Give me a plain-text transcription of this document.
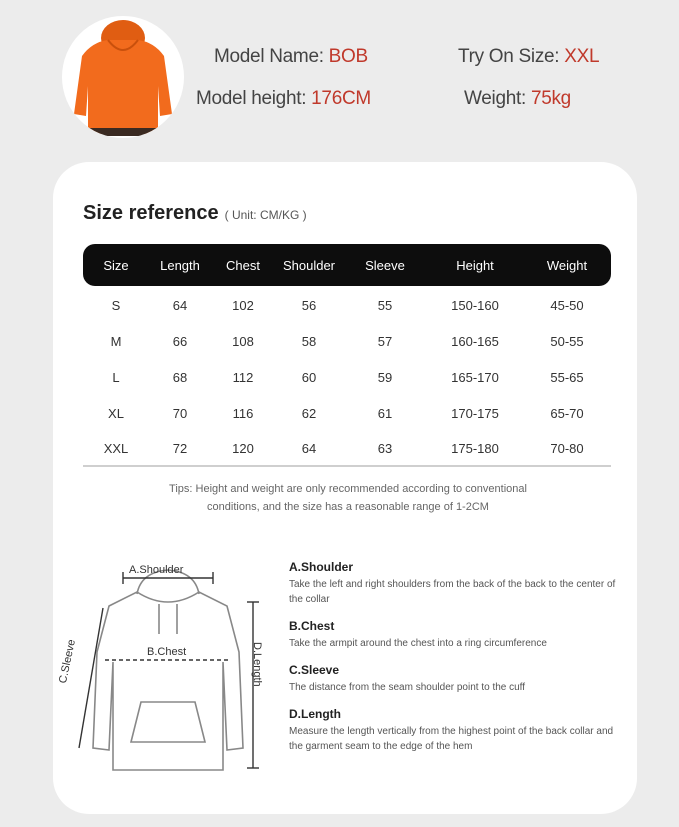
Model Name: BOB
Model height: 176CM
Try On Size: XXL
Weight: 75kg
Size reference ( Unit: CM/KG )
Size	Length	Chest	Shoulder	Sleeve	Height	Weight
S	64	102	56	55	150-160	45-50
M	66	108	58	57	160-165	50-55
L	68	112	60	59	165-170	55-65
XL	70	116	62	61	170-175	65-70
XXL	72	120	64	63	175-180	70-80
Tips: Height and weight are only recommended according to conventional
conditions, and the size has a reasonable range of 1-2CM
A.Shoulder
B.Chest
C.Sleeve	D.Length
A.Shoulder
Take the left and right shoulders from the back of the back to the center of the collar
B.Chest
Take the armpit around the chest into a ring circumference
C.Sleeve
The distance from the seam shoulder point to the cuff
D.Length
Measure the length vertically from the highest point of the back collar and the garment seam to the edge of the hem
